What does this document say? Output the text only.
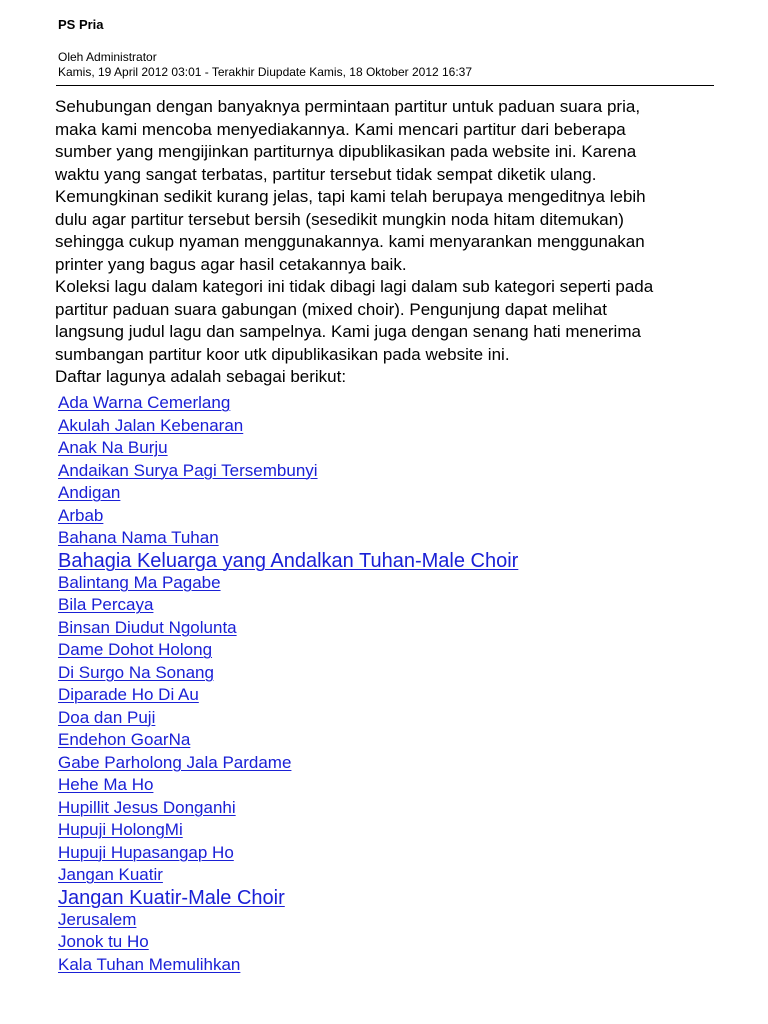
PS Pria
Oleh Administrator
Kamis, 19 April 2012 03:01 - Terakhir Diupdate Kamis, 18 Oktober 2012 16:37

Sehubungan dengan banyaknya permintaan partitur untuk paduan suara pria,
maka kami mencoba menyediakannya. Kami mencari partitur dari beberapa
sumber yang mengijinkan partiturnya dipublikasikan pada website ini. Karena
waktu yang sangat terbatas, partitur tersebut tidak sempat diketik ulang.
Kemungkinan sedikit kurang jelas, tapi kami telah berupaya mengeditnya lebih
dulu agar partitur tersebut bersih (sesedikit mungkin noda hitam ditemukan)
sehingga cukup nyaman menggunakannya. kami menyarankan menggunakan
printer yang bagus agar hasil cetakannya baik.

Koleksi lagu dalam kategori ini tidak dibagi lagi dalam sub kategori seperti pada
partitur paduan suara gabungan (mixed choir). Pengunjung dapat melihat
langsung judul lagu dan sampelnya. Kami juga dengan senang hati menerima
sumbangan partitur koor utk dipublikasikan pada website ini.

Daftar lagunya adalah sebagai berikut:

Ada Warna Cemerlang
Akulah Jalan Kebenaran
Anak Na Burju
Andaikan Surya Pagi Tersembunyi
Andigan
Arbab
Bahana Nama Tuhan
Bahagia Keluarga yang Andalkan Tuhan-Male Choir
Balintang Ma Pagabe
Bila Percaya
Binsan Diudut Ngolunta
Dame Dohot Holong
Di Surgo Na Sonang
Diparade Ho Di Au
Doa dan Puji
Endehon GoarNa
Gabe Parholong Jala Pardame
Hehe Ma Ho
Hupillit Jesus Donganhi
Hupuji HolongMi
Hupuji Hupasangap Ho
Jangan Kuatir
Jangan Kuatir-Male Choir
Jerusalem
Jonok tu Ho
Kala Tuhan Memulihkan
